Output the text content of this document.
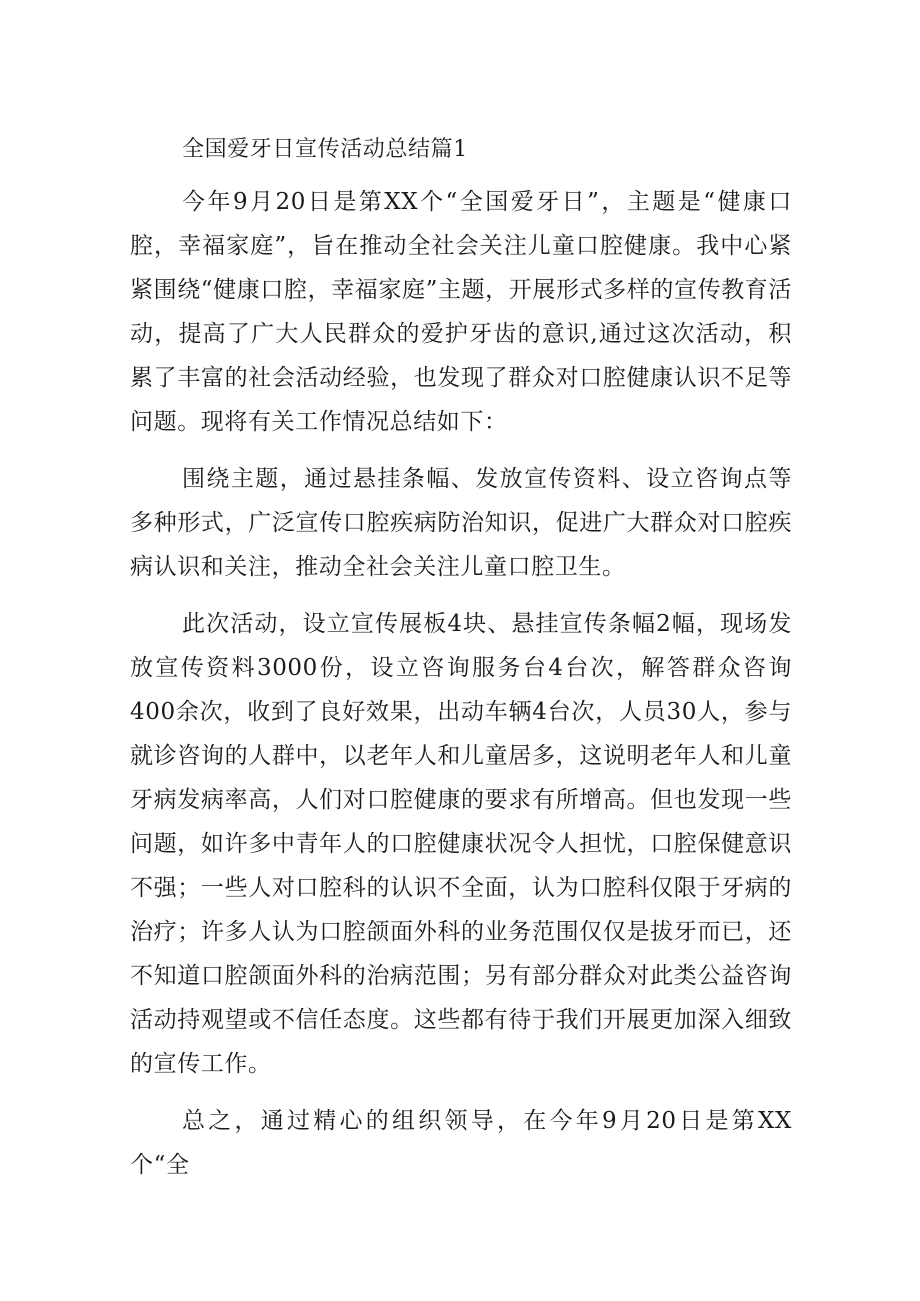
全国爱牙日宣传活动总结篇1

今年9月20日是第XX个“全国爱牙日”，主题是“健康口腔，幸福家庭”，旨在推动全社会关注儿童口腔健康。我中心紧紧围绕“健康口腔，幸福家庭”主题，开展形式多样的宣传教育活动，提高了广大人民群众的爱护牙齿的意识,通过这次活动，积累了丰富的社会活动经验，也发现了群众对口腔健康认识不足等问题。现将有关工作情况总结如下：

围绕主题，通过悬挂条幅、发放宣传资料、设立咨询点等多种形式，广泛宣传口腔疾病防治知识，促进广大群众对口腔疾病认识和关注，推动全社会关注儿童口腔卫生。

此次活动，设立宣传展板4块、悬挂宣传条幅2幅，现场发放宣传资料3000份，设立咨询服务台4台次，解答群众咨询400余次，收到了良好效果，出动车辆4台次，人员30人，参与就诊咨询的人群中，以老年人和儿童居多，这说明老年人和儿童牙病发病率高，人们对口腔健康的要求有所增高。但也发现一些问题，如许多中青年人的口腔健康状况令人担忧，口腔保健意识不强；一些人对口腔科的认识不全面，认为口腔科仅限于牙病的治疗；许多人认为口腔颌面外科的业务范围仅仅是拔牙而已，还不知道口腔颌面外科的治病范围；另有部分群众对此类公益咨询活动持观望或不信任态度。这些都有待于我们开展更加深入细致的宣传工作。

总之，通过精心的组织领导，在今年9月20日是第XX个“全
